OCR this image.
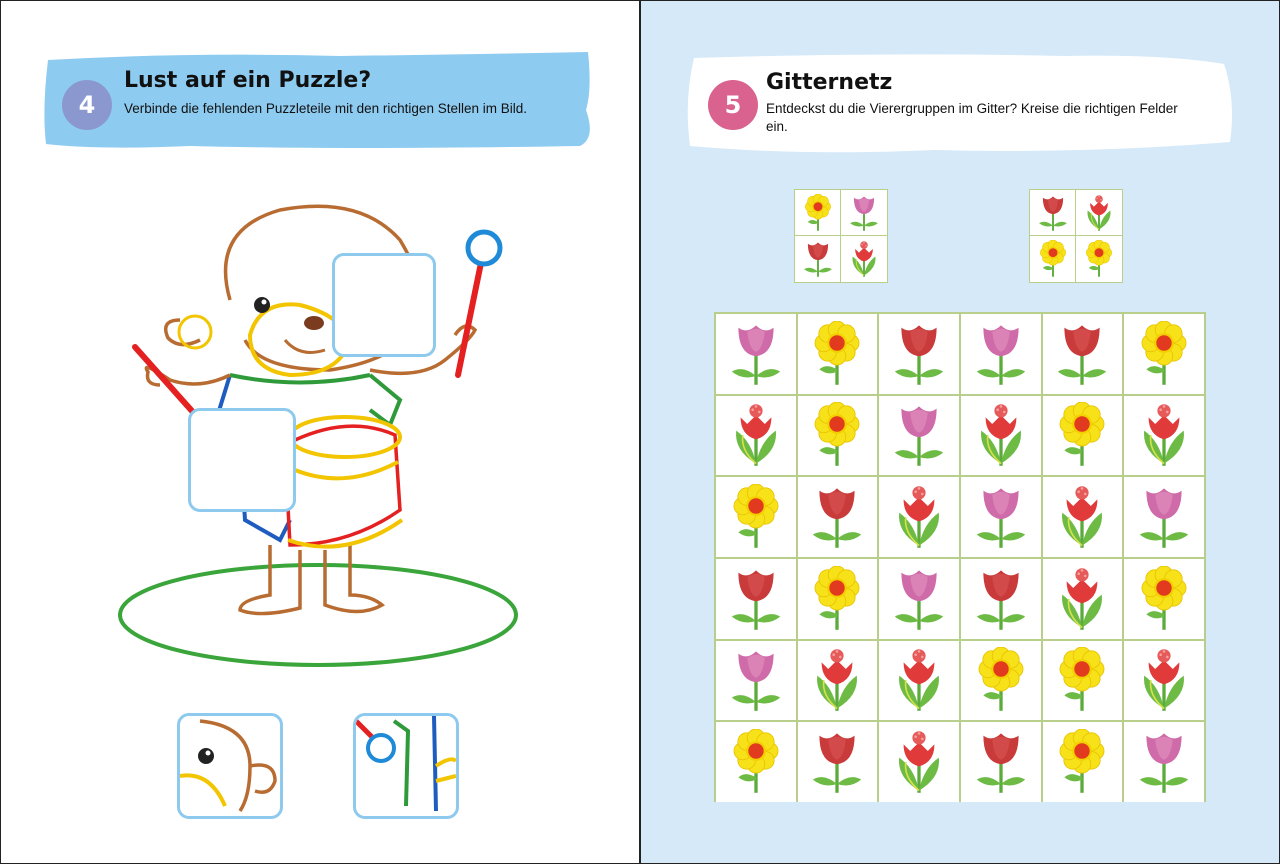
4
Lust auf ein Puzzle?
Verbinde die fehlenden Puzzleteile mit den richtigen Stellen im Bild.	5
Gitternetz
Entdeckst du die Vierergruppen im Gitter? Kreise die richtigen Felder ein.
